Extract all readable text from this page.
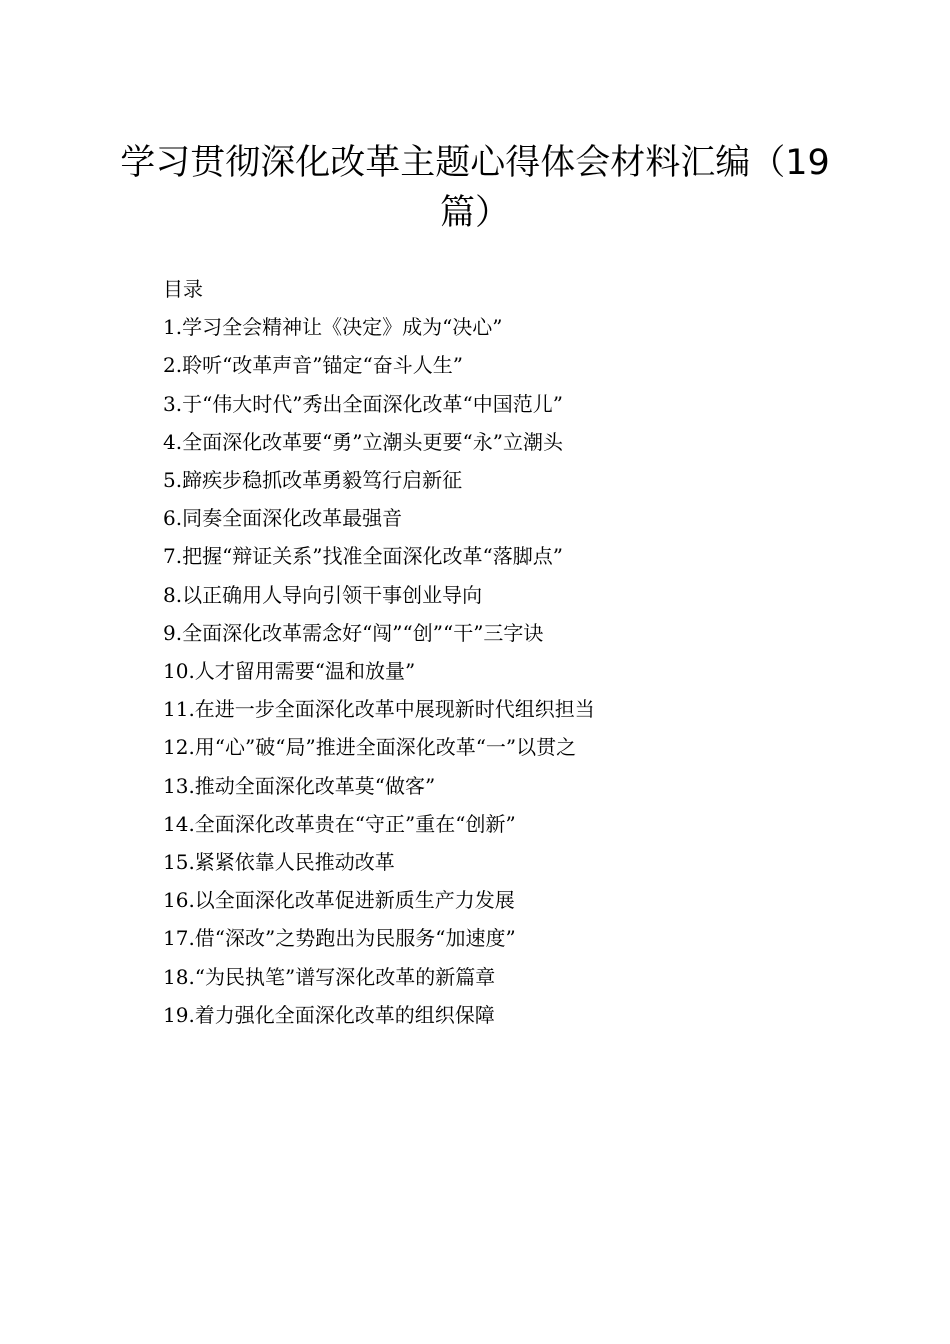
学习贯彻深化改革主题心得体会材料汇编（19篇）
目录
1.学习全会精神让《决定》成为“决心”
2.聆听“改革声音”锚定“奋斗人生”
3.于“伟大时代”秀出全面深化改革“中国范儿”
4.全面深化改革要“勇”立潮头更要“永”立潮头
5.蹄疾步稳抓改革勇毅笃行启新征
6.同奏全面深化改革最强音
7.把握“辩证关系”找准全面深化改革“落脚点”
8.以正确用人导向引领干事创业导向
9.全面深化改革需念好“闯”“创”“干”三字诀
10.人才留用需要“温和放量”
11.在进一步全面深化改革中展现新时代组织担当
12.用“心”破“局”推进全面深化改革“一”以贯之
13.推动全面深化改革莫“做客”
14.全面深化改革贵在“守正”重在“创新”
15.紧紧依靠人民推动改革
16.以全面深化改革促进新质生产力发展
17.借“深改”之势跑出为民服务“加速度”
18.“为民执笔”谱写深化改革的新篇章
19.着力强化全面深化改革的组织保障
